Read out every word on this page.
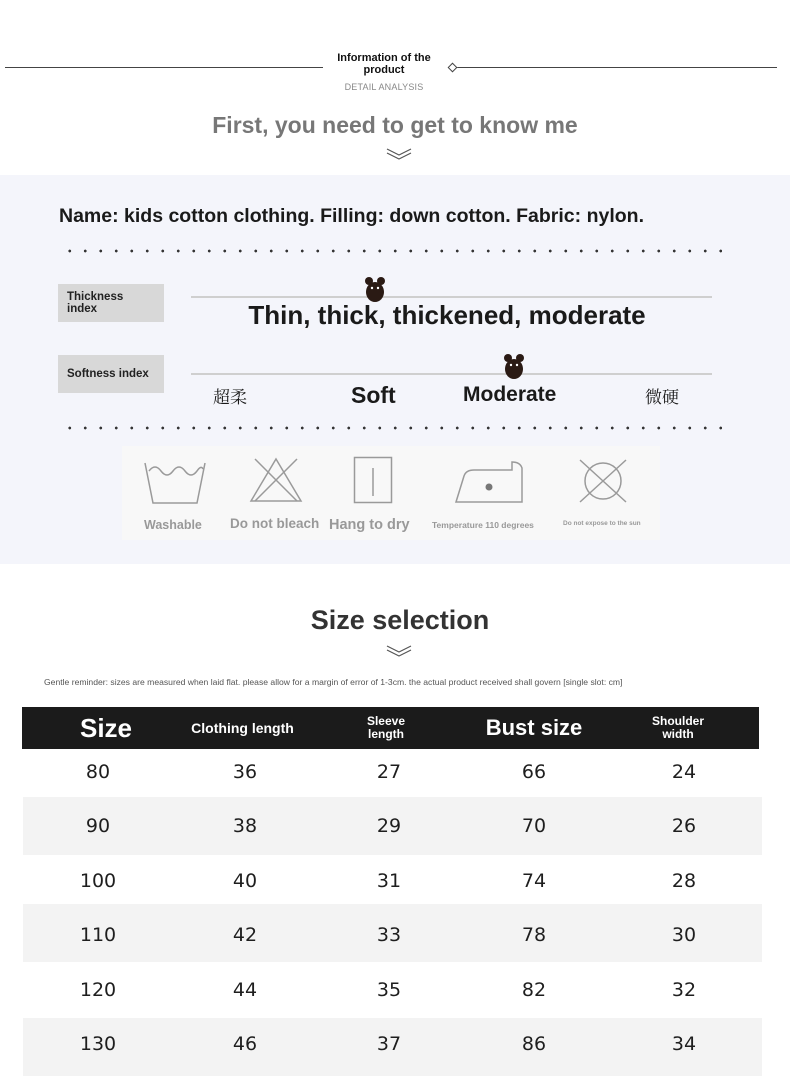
Information of the product
DETAIL ANALYSIS
First, you need to get to know me
Name: kids cotton clothing. Filling: down cotton. Fabric: nylon.
Thickness index	Thin, thick, thickened, moderate
Softness index
超柔	Soft	Moderate	微硬
Washable Do not bleach Hang to dry	Temperature 110 degrees	Do not expose to the sun
Size selection
Gentle reminder: sizes are measured when laid flat. please allow for a margin of error of 1-3cm. the actual product received shall govern [single slot: cm]
Size	Clothing length	Sleeve length	Bust size	Shoulder width
80	36	27	66	24
90	38	29	70	26
100	40	31	74	28
110	42	33	78	30
120	44	35	82	32
130	46	37	86	34
